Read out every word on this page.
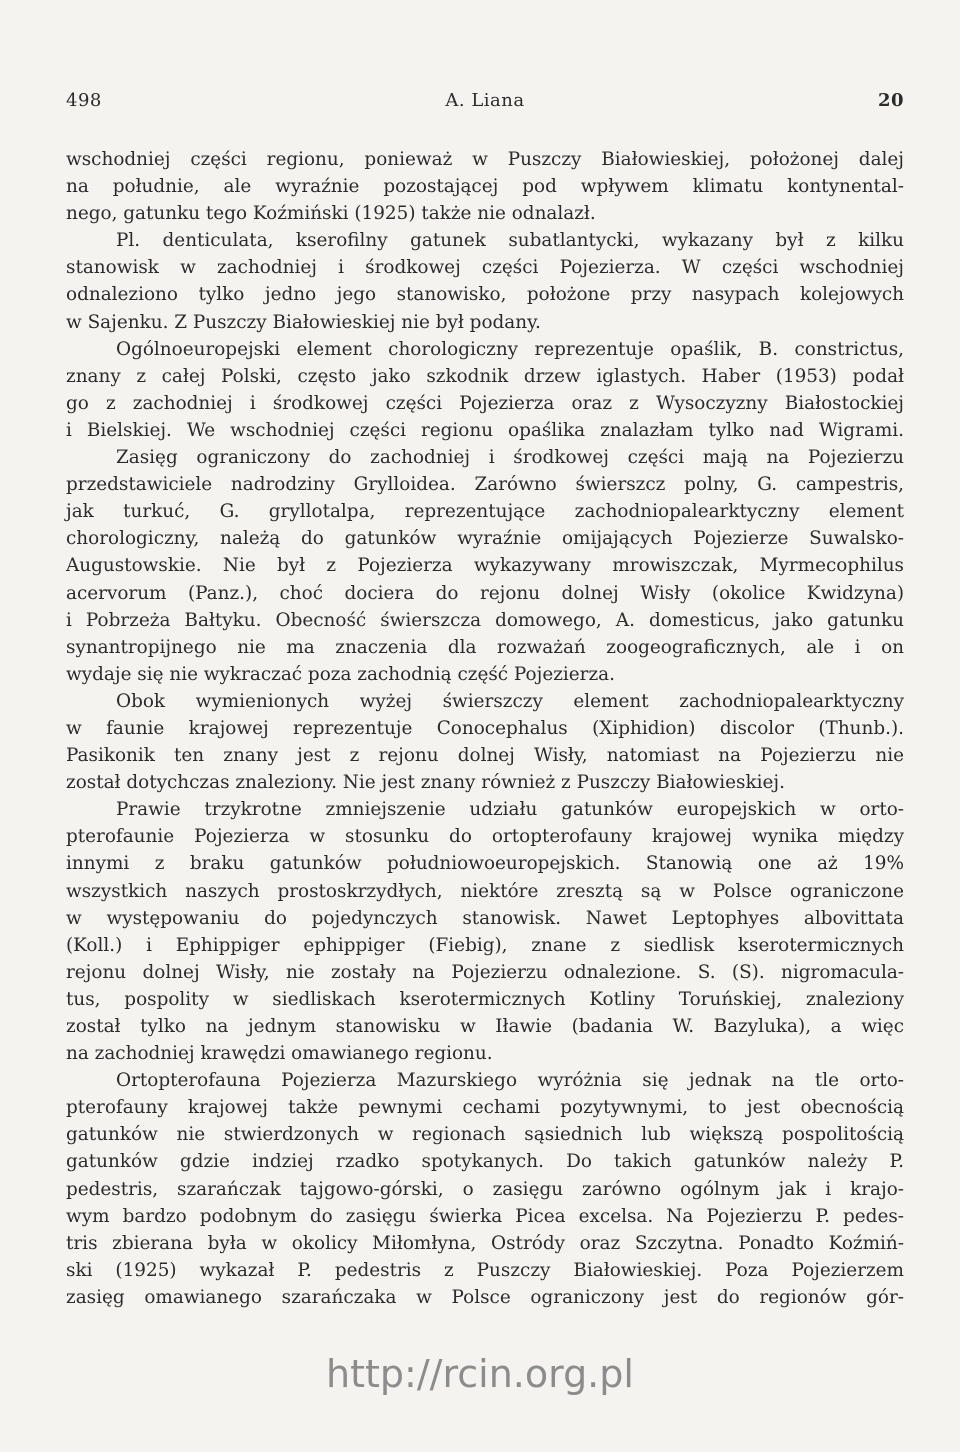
498	A. Liana	20
wschodniej części regionu, ponieważ w Puszczy Białowieskiej, położonej dalej
na południe, ale wyraźnie pozostającej pod wpływem klimatu kontynental-
nego, gatunku tego Koźmiński (1925) także nie odnalazł.
Pl. denticulata, kserofilny gatunek subatlantycki, wykazany był z kilku
stanowisk w zachodniej i środkowej części Pojezierza. W części wschodniej
odnaleziono tylko jedno jego stanowisko, położone przy nasypach kolejowych
w Sajenku. Z Puszczy Białowieskiej nie był podany.
Ogólnoeuropejski element chorologiczny reprezentuje opaślik, B. constrictus,
znany z całej Polski, często jako szkodnik drzew iglastych. Haber (1953) podał
go z zachodniej i środkowej części Pojezierza oraz z Wysoczyzny Białostockiej
i Bielskiej. We wschodniej części regionu opaślika znalazłam tylko nad Wigrami.
Zasięg ograniczony do zachodniej i środkowej części mają na Pojezierzu
przedstawiciele nadrodziny Grylloidea. Zarówno świerszcz polny, G. campestris,
jak turkuć, G. gryllotalpa, reprezentujące zachodniopalearktyczny element
chorologiczny, należą do gatunków wyraźnie omijających Pojezierze Suwalsko-
Augustowskie. Nie był z Pojezierza wykazywany mrowiszczak, Myrmecophilus
acervorum (Panz.), choć dociera do rejonu dolnej Wisły (okolice Kwidzyna)
i Pobrzeża Bałtyku. Obecność świerszcza domowego, A. domesticus, jako gatunku
synantropijnego nie ma znaczenia dla rozważań zoogeograficznych, ale i on
wydaje się nie wykraczać poza zachodnią część Pojezierza.
Obok wymienionych wyżej świerszczy element zachodniopalearktyczny
w faunie krajowej reprezentuje Conocephalus (Xiphidion) discolor (Thunb.).
Pasikonik ten znany jest z rejonu dolnej Wisły, natomiast na Pojezierzu nie
został dotychczas znaleziony. Nie jest znany również z Puszczy Białowieskiej.
Prawie trzykrotne zmniejszenie udziału gatunków europejskich w orto-
pterofaunie Pojezierza w stosunku do ortopterofauny krajowej wynika między
innymi z braku gatunków południowoeuropejskich. Stanowią one aż 19%
wszystkich naszych prostoskrzydłych, niektóre zresztą są w Polsce ograniczone
w występowaniu do pojedynczych stanowisk. Nawet Leptophyes albovittata
(Koll.) i Ephippiger ephippiger (Fiebig), znane z siedlisk kserotermicznych
rejonu dolnej Wisły, nie zostały na Pojezierzu odnalezione. S. (S). nigromacula-
tus, pospolity w siedliskach kserotermicznych Kotliny Toruńskiej, znaleziony
został tylko na jednym stanowisku w Iławie (badania W. Bazyluka), a więc
na zachodniej krawędzi omawianego regionu.
Ortopterofauna Pojezierza Mazurskiego wyróżnia się jednak na tle orto-
pterofauny krajowej także pewnymi cechami pozytywnymi, to jest obecnością
gatunków nie stwierdzonych w regionach sąsiednich lub większą pospolitością
gatunków gdzie indziej rzadko spotykanych. Do takich gatunków należy P.
pedestris, szarańczak tajgowo-górski, o zasięgu zarówno ogólnym jak i krajo-
wym bardzo podobnym do zasięgu świerka Picea excelsa. Na Pojezierzu P. pedes-
tris zbierana była w okolicy Miłomłyna, Ostródy oraz Szczytna. Ponadto Koźmiń-
ski (1925) wykazał P. pedestris z Puszczy Białowieskiej. Poza Pojezierzem
zasięg omawianego szarańczaka w Polsce ograniczony jest do regionów gór-
http://rcin.org.pl
